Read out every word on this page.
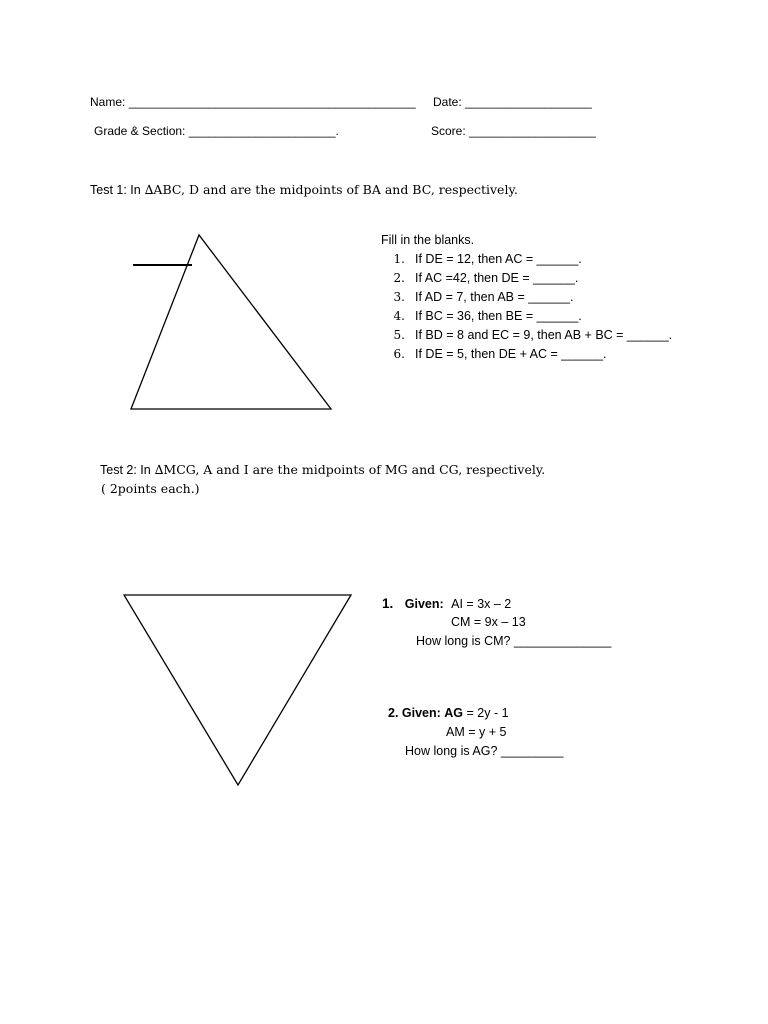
Name: ___________________________________________ Date: ___________________
Grade & Section: ______________________.	Score: ___________________
Test 1: In ∆ABC, D and are the midpoints of BA and BC, respectively.
Fill in the blanks.
1. If DE = 12, then AC = ______.
2. If AC =42, then DE = ______.
3. If AD = 7, then AB = ______.
4. If BC = 36, then BE = ______.
5. If BD = 8 and EC = 9, then AB + BC = ______.
6. If DE = 5, then DE + AC = ______.
Test 2: In ∆MCG, A and I are the midpoints of MG and CG, respectively.
( 2points each.)
1. Given: AI = 3x – 2
CM = 9x – 13
How long is CM? ______________
2. Given: AG = 2y - 1
AM = y + 5
How long is AG? _________
